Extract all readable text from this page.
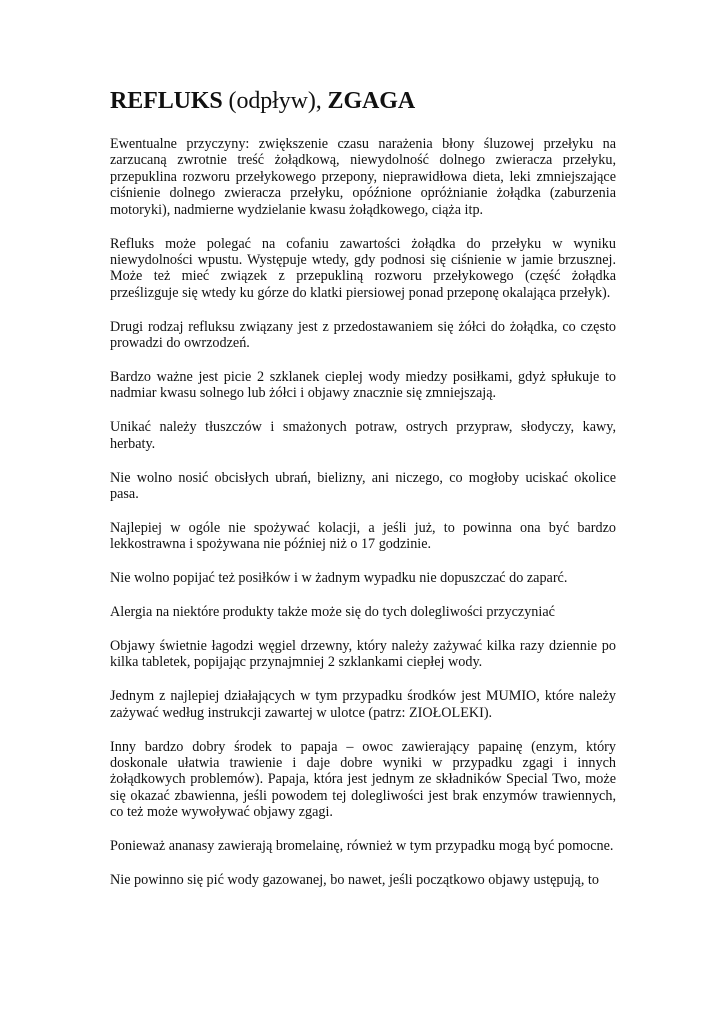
REFLUKS (odpływ), ZGAGA

Ewentualne przyczyny: zwiększenie czasu narażenia błony śluzowej przełyku na zarzucaną zwrotnie treść żołądkową, niewydolność dolnego zwieracza przełyku, przepuklina rozworu przełykowego przepony, nieprawidłowa dieta, leki zmniejszające ciśnienie dolnego zwieracza przełyku, opóźnione opróżnianie żołądka (zaburzenia motoryki), nadmierne wydzielanie kwasu żołądkowego, ciąża itp.

Refluks może polegać na cofaniu zawartości żołądka do przełyku w wyniku niewydolności wpustu. Występuje wtedy, gdy podnosi się ciśnienie w jamie brzusznej. Może też mieć związek z przepukliną rozworu przełykowego (część żołądka prześlizguje się wtedy ku górze do klatki piersiowej ponad przeponę okalająca przełyk).

Drugi rodzaj refluksu związany jest z przedostawaniem się żółci do żołądka, co często prowadzi do owrzodzeń.

Bardzo ważne jest picie 2 szklanek cieplej wody miedzy posiłkami, gdyż spłukuje to nadmiar kwasu solnego lub żółci i objawy znacznie się zmniejszają.

Unikać należy tłuszczów i smażonych potraw, ostrych przypraw, słodyczy, kawy, herbaty.

Nie wolno nosić obcisłych ubrań, bielizny, ani niczego, co mogłoby uciskać okolice pasa.

Najlepiej w ogóle nie spożywać kolacji, a jeśli już, to powinna ona być bardzo lekkostrawna i spożywana nie później niż o 17 godzinie.

Nie wolno popijać też posiłków i w żadnym wypadku nie dopuszczać do zaparć.

Alergia na niektóre produkty także może się do tych dolegliwości przyczyniać

Objawy świetnie łagodzi węgiel drzewny, który należy zażywać kilka razy dziennie po kilka tabletek, popijając przynajmniej 2 szklankami ciepłej wody.

Jednym z najlepiej działających w tym przypadku środków jest MUMIO, które należy zażywać według instrukcji zawartej w ulotce (patrz: ZIOŁOLEKI).

Inny bardzo dobry środek to papaja – owoc zawierający papainę (enzym, który doskonale ułatwia trawienie i daje dobre wyniki w przypadku zgagi i innych żołądkowych problemów). Papaja, która jest jednym ze składników Special Two, może się okazać zbawienna, jeśli powodem tej dolegliwości jest brak enzymów trawiennych, co też może wywoływać objawy zgagi.

Ponieważ ananasy zawierają bromelainę, również w tym przypadku mogą być pomocne.

Nie powinno się pić wody gazowanej, bo nawet, jeśli początkowo objawy ustępują, to
